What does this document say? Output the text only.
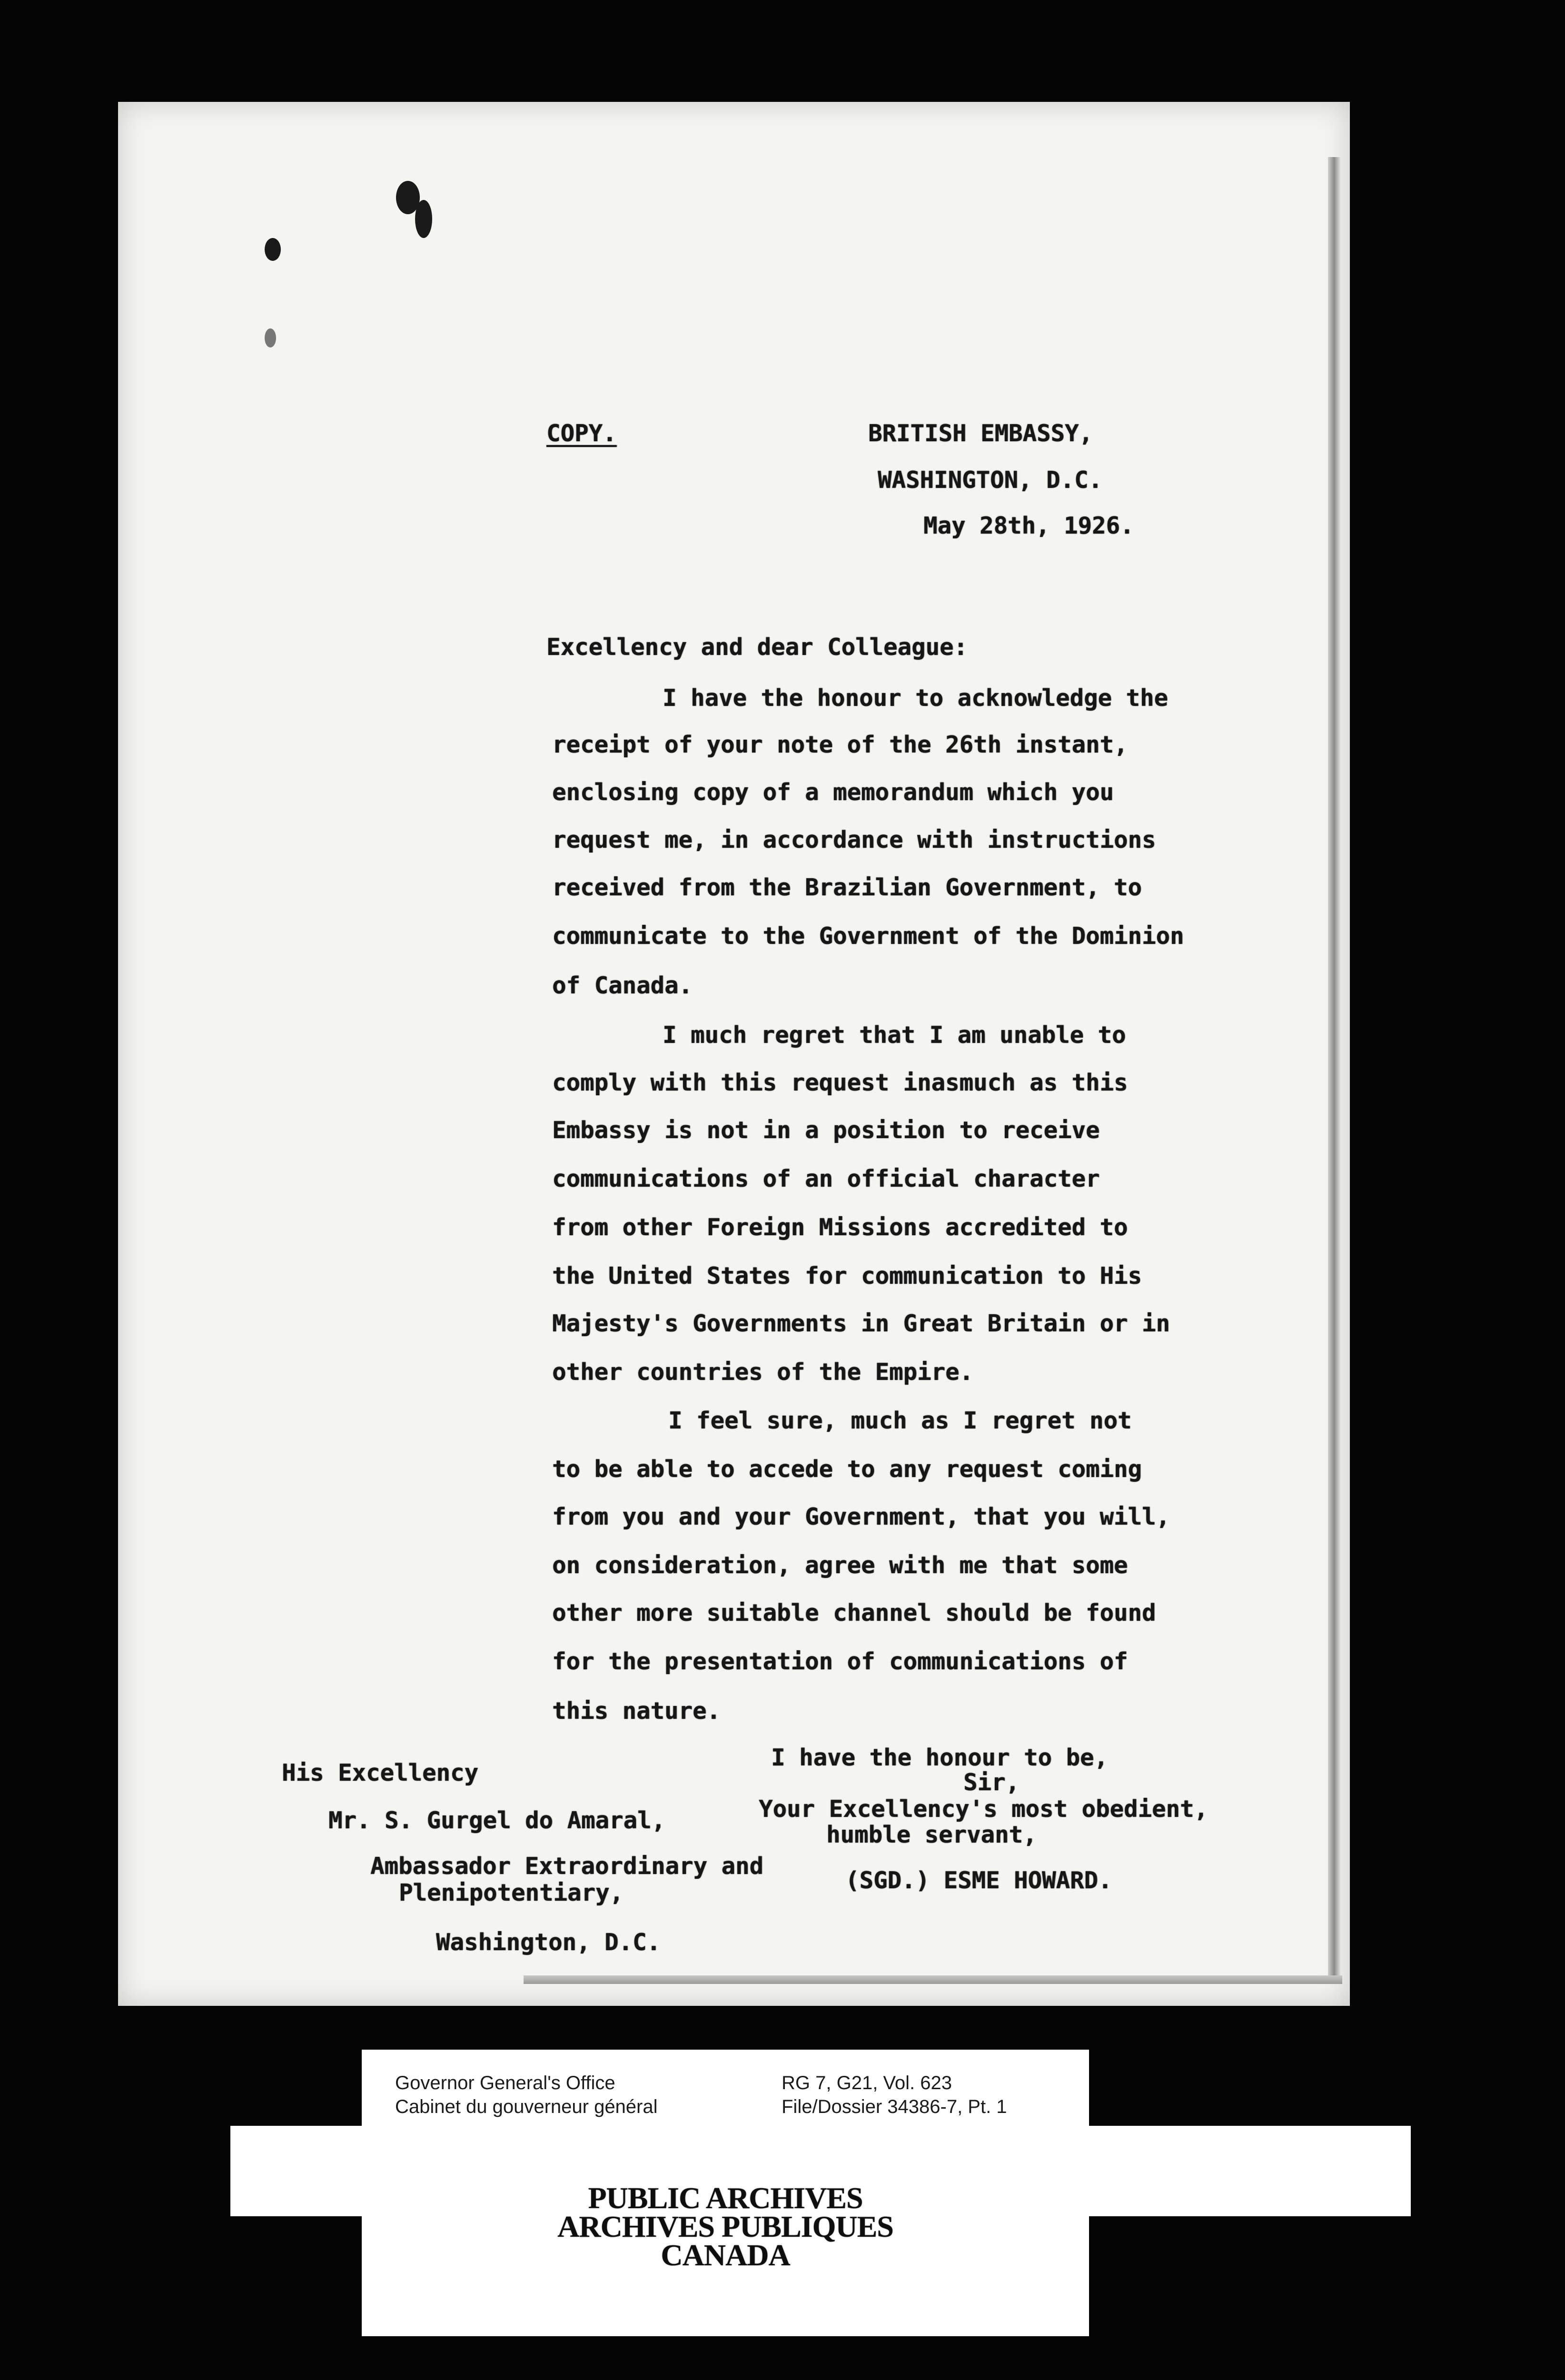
COPY.	BRITISH EMBASSY,
WASHINGTON, D.C.
May 28th, 1926.
Excellency and dear Colleague:
I have the honour to acknowledge the
receipt of your note of the 26th instant,
enclosing copy of a memorandum which you
request me, in accordance with instructions
received from the Brazilian Government, to
communicate to the Government of the Dominion
of Canada.
I much regret that I am unable to
comply with this request inasmuch as this
Embassy is not in a position to receive
communications of an official character
from other Foreign Missions accredited to
the United States for communication to His
Majesty's Governments in Great Britain or in
other countries of the Empire.
I feel sure, much as I regret not
to be able to accede to any request coming
from you and your Government, that you will,
on consideration, agree with me that some
other more suitable channel should be found
for the presentation of communications of
this nature.
His Excellency
Mr. S. Gurgel do Amaral,
Ambassador Extraordinary and
Plenipotentiary,
Washington, D.C.
I have the honour to be,
Sir,
Your Excellency's most obedient,
humble servant,
(SGD.) ESME HOWARD.
Governor General's Office
Cabinet du gouverneur général
RG 7, G21, Vol. 623
File/Dossier 34386-7, Pt. 1
PUBLIC ARCHIVES
ARCHIVES PUBLIQUES
CANADA
